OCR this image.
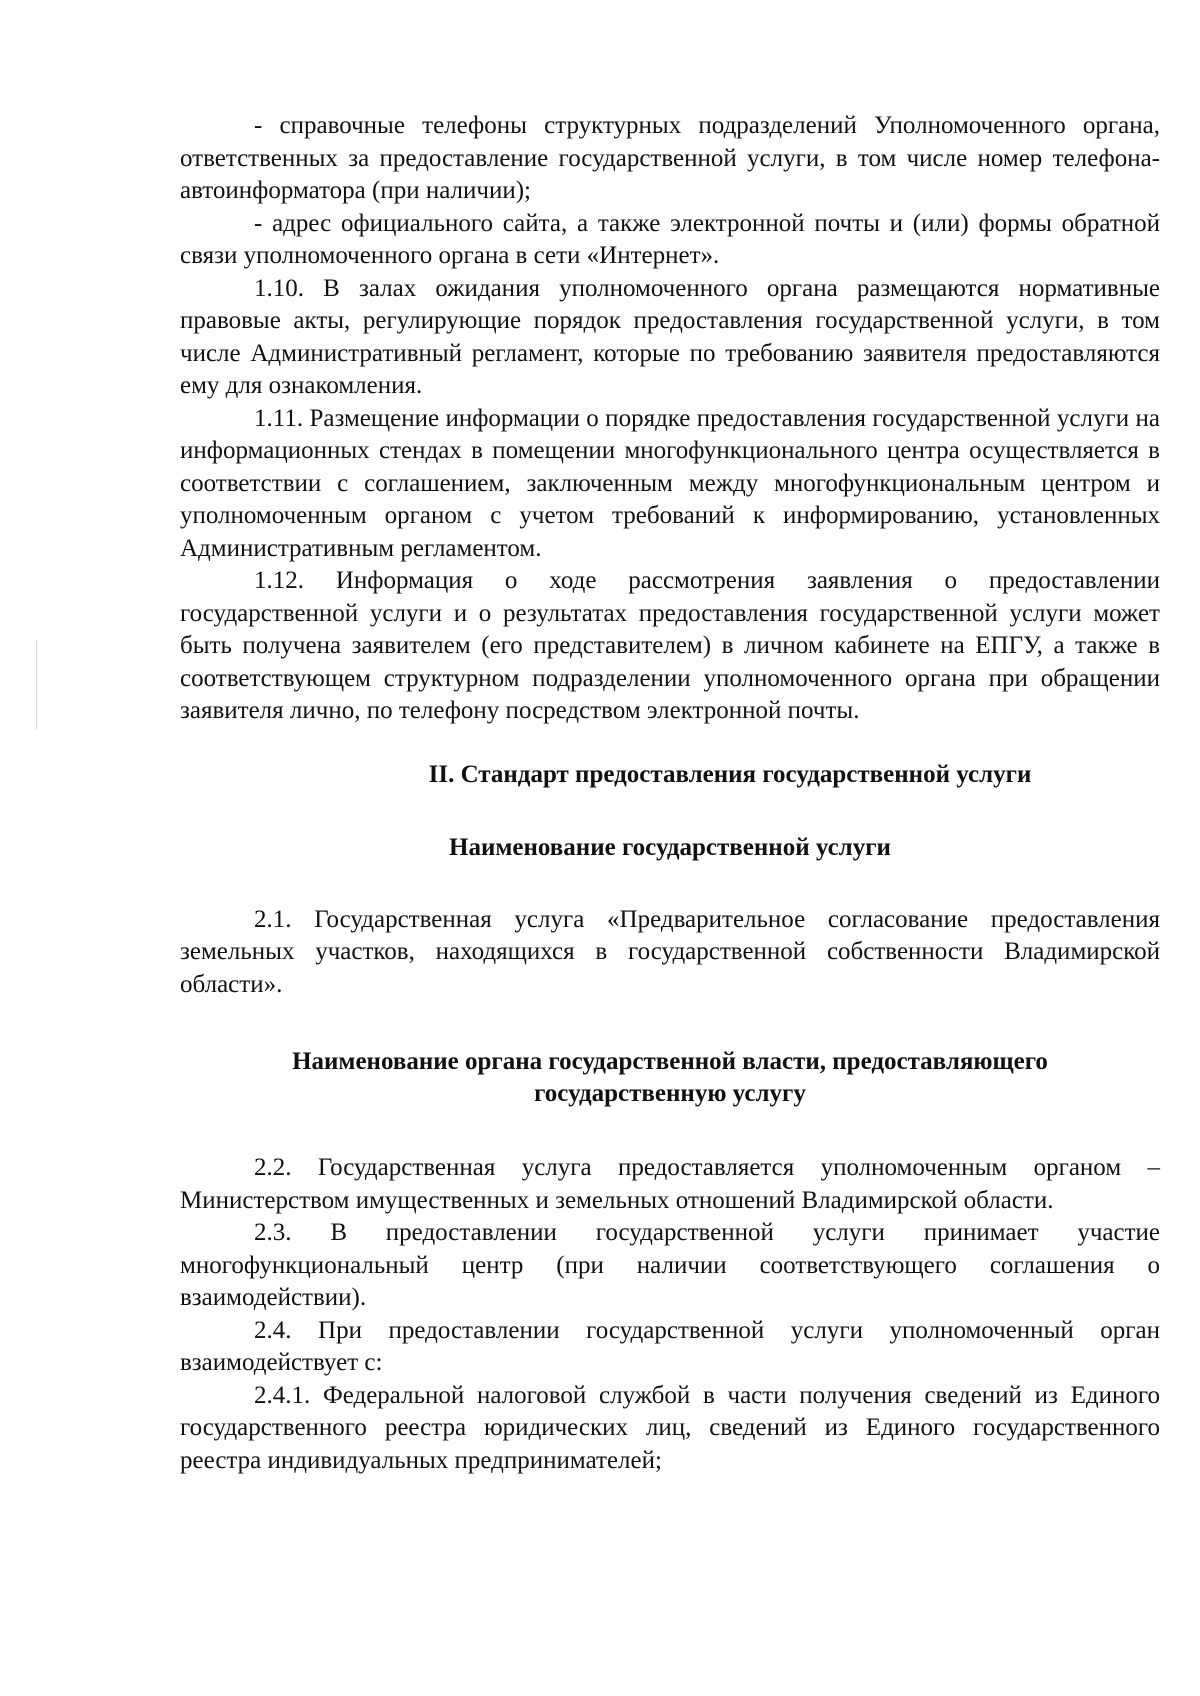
- справочные телефоны структурных подразделений Уполномоченного органа, ответственных за предоставление государственной услуги, в том числе номер телефона-автоинформатора (при наличии);

- адрес официального сайта, а также электронной почты и (или) формы обратной связи уполномоченного органа в сети «Интернет».

1.10. В залах ожидания уполномоченного органа размещаются нормативные правовые акты, регулирующие порядок предоставления государственной услуги, в том числе Административный регламент, которые по требованию заявителя предоставляются ему для ознакомления.

1.11. Размещение информации о порядке предоставления государственной услуги на информационных стендах в помещении многофункционального центра осуществляется в соответствии с соглашением, заключенным между многофункциональным центром и уполномоченным органом с учетом требований к информированию, установленных Административным регламентом.

1.12. Информация о ходе рассмотрения заявления о предоставлении государственной услуги и о результатах предоставления государственной услуги может быть получена заявителем (его представителем) в личном кабинете на ЕПГУ, а также в соответствующем структурном подразделении уполномоченного органа при обращении заявителя лично, по телефону посредством электронной почты.

II. Стандарт предоставления государственной услуги
Наименование государственной услуги

2.1. Государственная услуга «Предварительное согласование предоставления земельных участков, находящихся в государственной собственности Владимирской области».

Наименование органа государственной власти, предоставляющего
государственную услугу

2.2. Государственная услуга предоставляется уполномоченным органом – Министерством имущественных и земельных отношений Владимирской области.

2.3. В предоставлении государственной услуги принимает участие многофункциональный центр (при наличии соответствующего соглашения о взаимодействии).

2.4. При предоставлении государственной услуги уполномоченный орган взаимодействует с:

2.4.1. Федеральной налоговой службой в части получения сведений из Единого государственного реестра юридических лиц, сведений из Единого государственного реестра индивидуальных предпринимателей;
